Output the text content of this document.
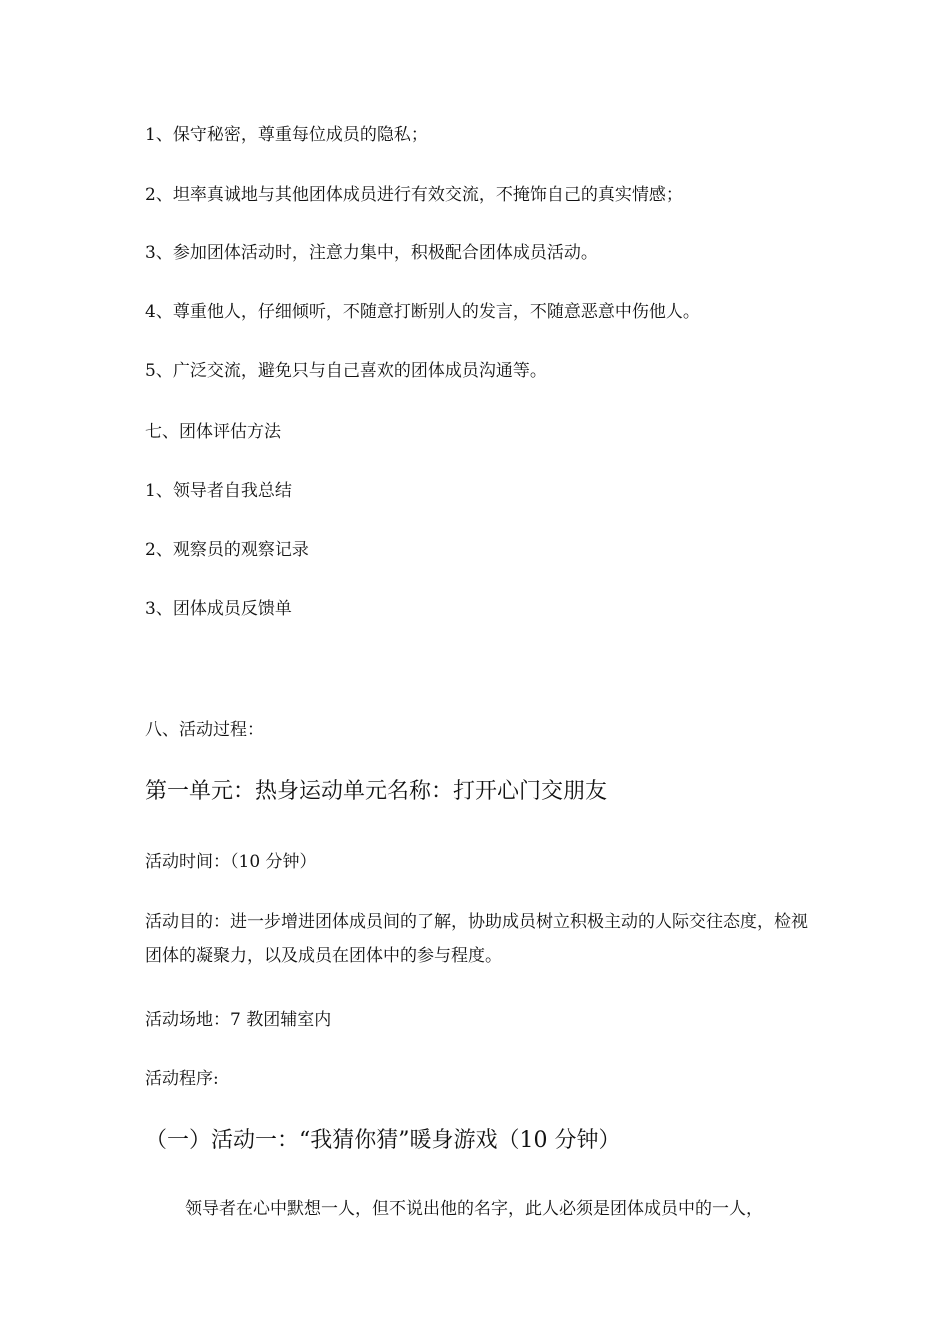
1、保守秘密，尊重每位成员的隐私；
2、坦率真诚地与其他团体成员进行有效交流，不掩饰自己的真实情感；
3、参加团体活动时，注意力集中，积极配合团体成员活动。
4、尊重他人，仔细倾听，不随意打断别人的发言，不随意恶意中伤他人。
5、广泛交流，避免只与自己喜欢的团体成员沟通等。
七、团体评估方法
1、领导者自我总结
2、观察员的观察记录
3、团体成员反馈单
八、活动过程：
第一单元：热身运动单元名称：打开心门交朋友
活动时间：（10 分钟）
活动目的：进一步增进团体成员间的了解，协助成员树立积极主动的人际交往态度，检视团体的凝聚力，以及成员在团体中的参与程度。
活动场地：7 教团辅室内
活动程序:
（一）活动一：“我猜你猜”暖身游戏（10 分钟）
领导者在心中默想一人，但不说出他的名字，此人必须是团体成员中的一人，
